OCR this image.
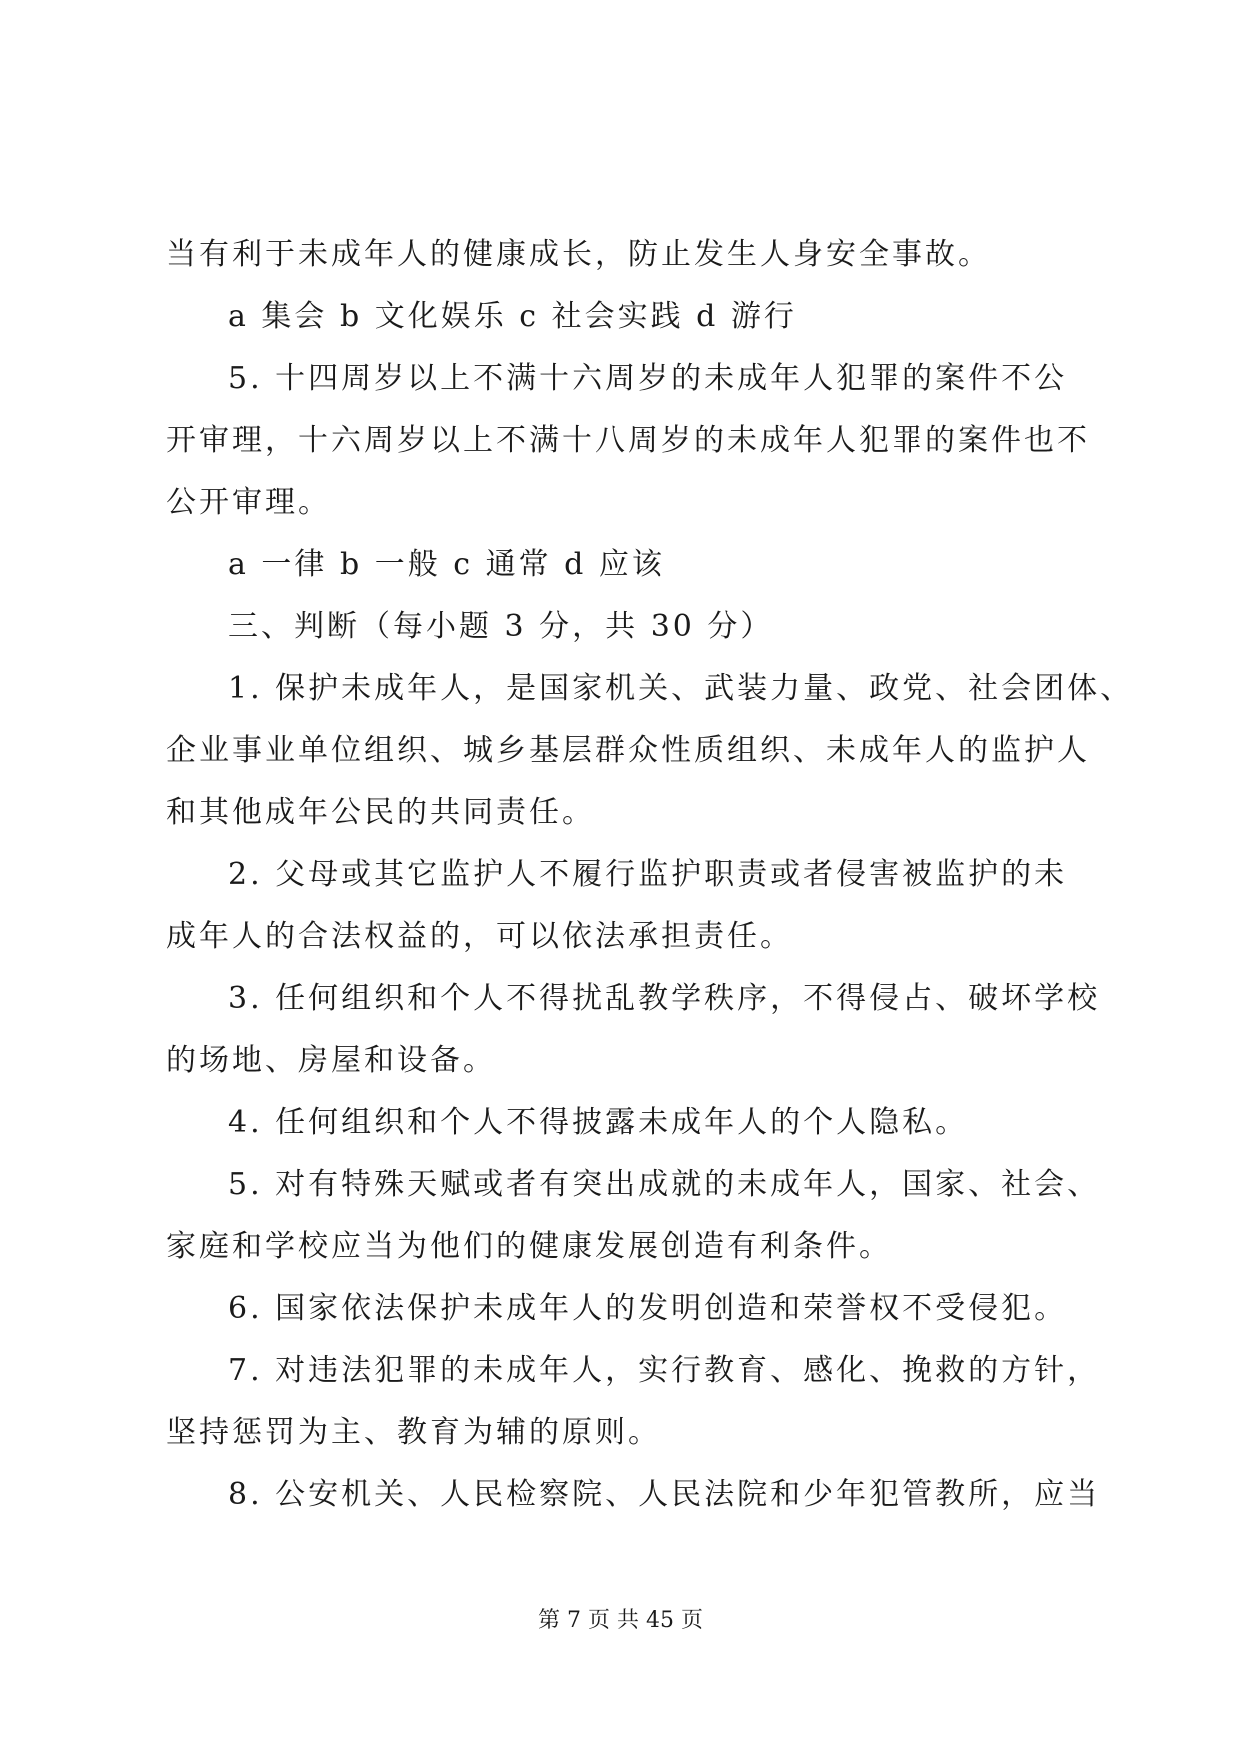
当有利于未成年人的健康成长，防止发生人身安全事故。
a 集会 b 文化娱乐 c 社会实践 d 游行
5. 十四周岁以上不满十六周岁的未成年人犯罪的案件不公
开审理，十六周岁以上不满十八周岁的未成年人犯罪的案件也不
公开审理。
a 一律 b 一般 c 通常 d 应该
三、判断（每小题 3 分，共 30 分）
1. 保护未成年人，是国家机关、武装力量、政党、社会团体、
企业事业单位组织、城乡基层群众性质组织、未成年人的监护人
和其他成年公民的共同责任。
2. 父母或其它监护人不履行监护职责或者侵害被监护的未
成年人的合法权益的，可以依法承担责任。
3. 任何组织和个人不得扰乱教学秩序，不得侵占、破坏学校
的场地、房屋和设备。
4. 任何组织和个人不得披露未成年人的个人隐私。
5. 对有特殊天赋或者有突出成就的未成年人，国家、社会、
家庭和学校应当为他们的健康发展创造有利条件。
6. 国家依法保护未成年人的发明创造和荣誉权不受侵犯。
7. 对违法犯罪的未成年人，实行教育、感化、挽救的方针，
坚持惩罚为主、教育为辅的原则。
8. 公安机关、人民检察院、人民法院和少年犯管教所，应当
第 7 页 共 45 页
